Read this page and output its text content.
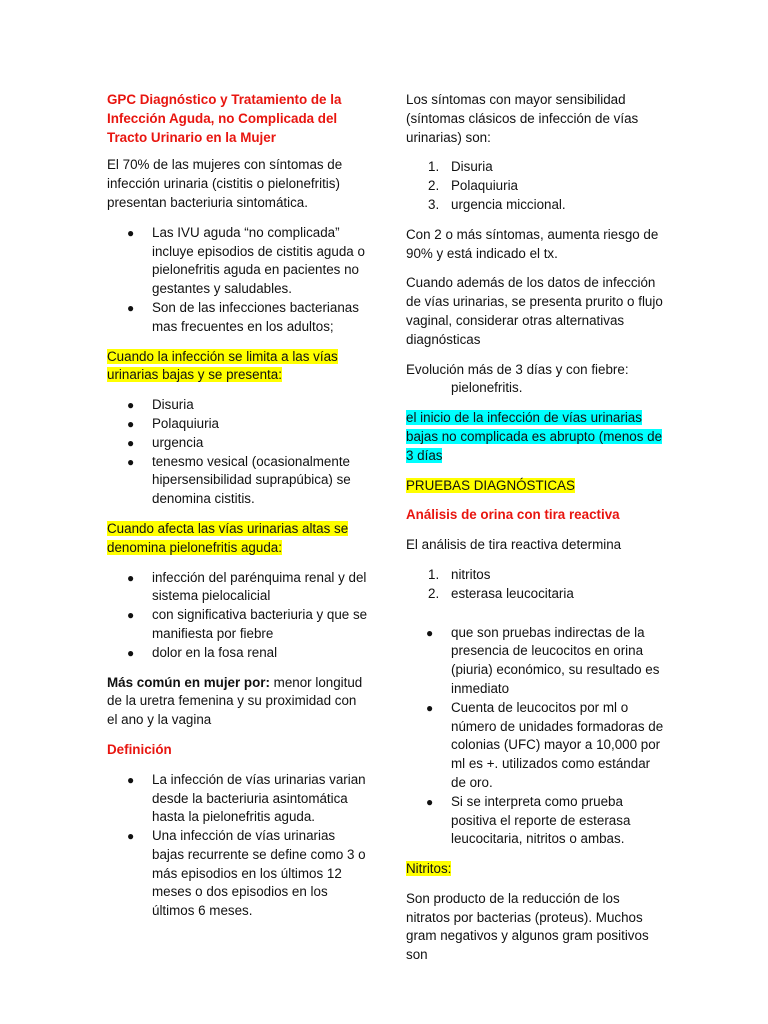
GPC Diagnóstico y Tratamiento de la Infección Aguda, no Complicada del Tracto Urinario en la Mujer

El 70% de las mujeres con síntomas de infección urinaria (cistitis o pielonefritis) presentan bacteriuria sintomática.

● Las IVU aguda “no complicada” incluye episodios de cistitis aguda o pielonefritis aguda en pacientes no gestantes y saludables.
● Son de las infecciones bacterianas mas frecuentes en los adultos;

Cuando la infección se limita a las vías urinarias bajas y se presenta:

● Disuria
● Polaquiuria
● urgencia
● tenesmo vesical (ocasionalmente hipersensibilidad suprapúbica) se denomina cistitis.

Cuando afecta las vías urinarias altas se denomina pielonefritis aguda:

● infección del parénquima renal y del sistema pielocalicial
● con significativa bacteriuria y que se manifiesta por fiebre
● dolor en la fosa renal

Más común en mujer por: menor longitud de la uretra femenina y su proximidad con el ano y la vagina

Definición

● La infección de vías urinarias varian desde la bacteriuria asintomática hasta la pielonefritis aguda.
● Una infección de vías urinarias bajas recurrente se define como 3 o más episodios en los últimos 12 meses o dos episodios en los últimos 6 meses.

Los síntomas con mayor sensibilidad (síntomas clásicos de infección de vías urinarias) son:

1. Disuria
2. Polaquiuria
3. urgencia miccional.

Con 2 o más síntomas, aumenta riesgo de 90% y está indicado el tx.

Cuando además de los datos de infección de vías urinarias, se presenta prurito o flujo vaginal, considerar otras alternativas diagnósticas

Evolución más de 3 días y con fiebre:
pielonefritis.

el inicio de la infección de vías urinarias bajas no complicada es abrupto (menos de 3 días

PRUEBAS DIAGNÓSTICAS

Análisis de orina con tira reactiva

El análisis de tira reactiva determina

1. nitritos
2. esterasa leucocitaria
● que son pruebas indirectas de la presencia de leucocitos en orina (piuria) económico, su resultado es inmediato
● Cuenta de leucocitos por ml o número de unidades formadoras de colonias (UFC) mayor a 10,000 por ml es +. utilizados como estándar de oro.
● Si se interpreta como prueba positiva el reporte de esterasa leucocitaria, nitritos o ambas.

Nitritos:

Son producto de la reducción de los nitratos por bacterias (proteus). Muchos gram negativos y algunos gram positivos son
